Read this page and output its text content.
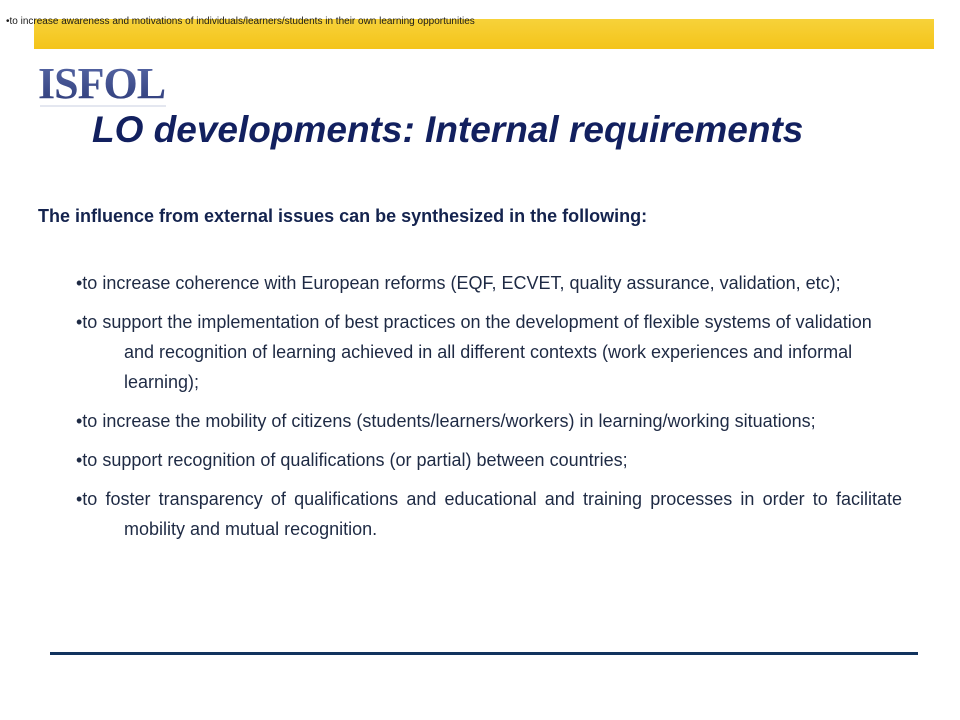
•to increase awareness and motivations of individuals/learners/students in their own learning opportunities
ISFOL
LO developments: Internal requirements
The influence from external issues can be synthesized in the following:
•to increase coherence with European reforms (EQF, ECVET, quality assurance, validation, etc);
•to support the implementation of best practices on the development of flexible systems of validation and recognition of learning achieved in all different contexts (work experiences and informal learning);
•to increase the mobility of citizens (students/learners/workers) in learning/working situations;
•to support recognition of qualifications (or partial) between countries;
•to foster transparency of qualifications and educational and training processes in order to facilitate mobility and mutual recognition.
